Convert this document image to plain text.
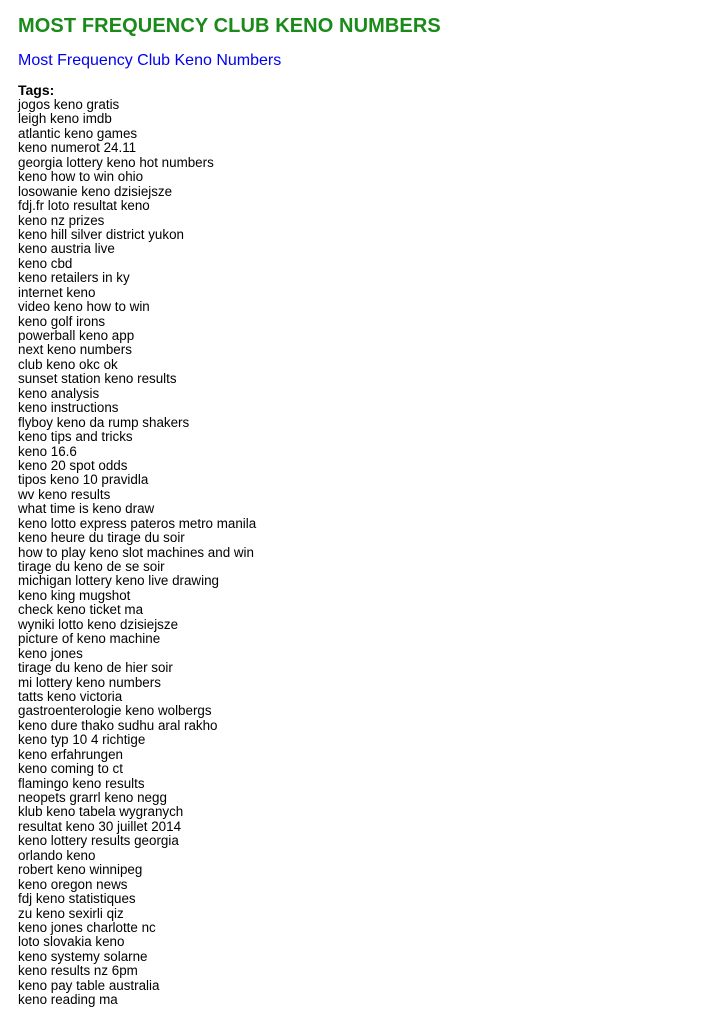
MOST FREQUENCY CLUB KENO NUMBERS
Most Frequency Club Keno Numbers
Tags:
jogos keno gratis
leigh keno imdb
atlantic keno games
keno numerot 24.11
georgia lottery keno hot numbers
keno how to win ohio
losowanie keno dzisiejsze
fdj.fr loto resultat keno
keno nz prizes
keno hill silver district yukon
keno austria live
keno cbd
keno retailers in ky
internet keno
video keno how to win
keno golf irons
powerball keno app
next keno numbers
club keno okc ok
sunset station keno results
keno analysis
keno instructions
flyboy keno da rump shakers
keno tips and tricks
keno 16.6
keno 20 spot odds
tipos keno 10 pravidla
wv keno results
what time is keno draw
keno lotto express pateros metro manila
keno heure du tirage du soir
how to play keno slot machines and win
tirage du keno de se soir
michigan lottery keno live drawing
keno king mugshot
check keno ticket ma
wyniki lotto keno dzisiejsze
picture of keno machine
keno jones
tirage du keno de hier soir
mi lottery keno numbers
tatts keno victoria
gastroenterologie keno wolbergs
keno dure thako sudhu aral rakho
keno typ 10 4 richtige
keno erfahrungen
keno coming to ct
flamingo keno results
neopets grarrl keno negg
klub keno tabela wygranych
resultat keno 30 juillet 2014
keno lottery results georgia
orlando keno
robert keno winnipeg
keno oregon news
fdj keno statistiques
zu keno sexirli qiz
keno jones charlotte nc
loto slovakia keno
keno systemy solarne
keno results nz 6pm
keno pay table australia
keno reading ma
